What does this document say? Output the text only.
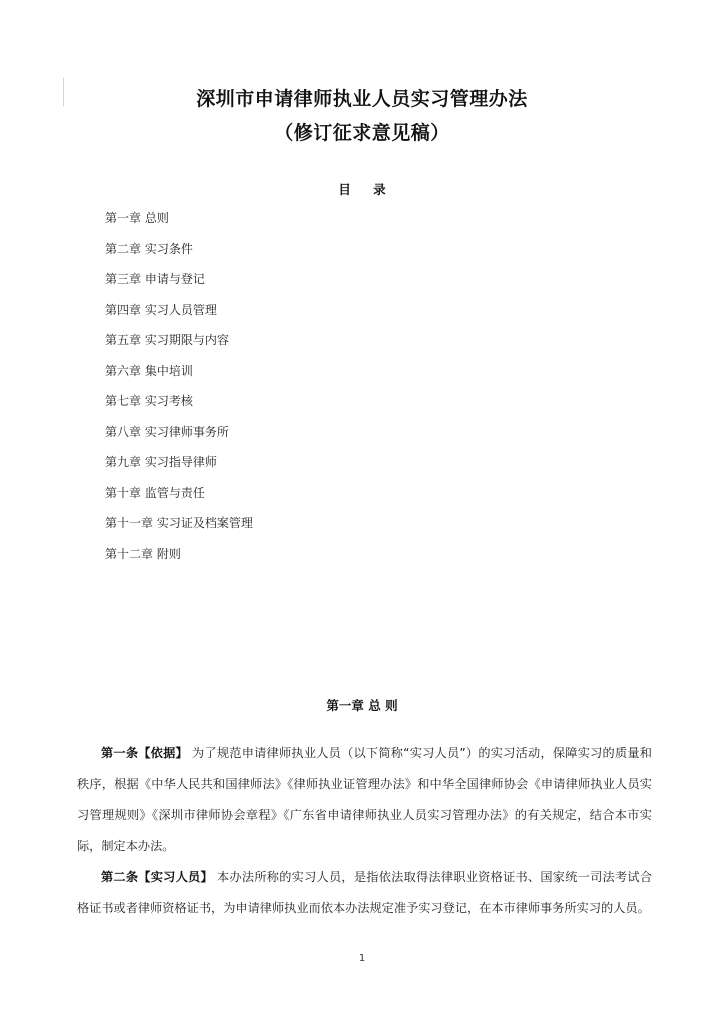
深圳市申请律师执业人员实习管理办法
（修订征求意见稿）
目 录
第一章 总则
第二章 实习条件
第三章 申请与登记
第四章 实习人员管理
第五章 实习期限与内容
第六章 集中培训
第七章 实习考核
第八章 实习律师事务所
第九章 实习指导律师
第十章 监管与责任
第十一章 实习证及档案管理
第十二章 附则
第一章 总 则

第一条【依据】 为了规范申请律师执业人员（以下简称“实习人员”）的实习活动，保障实习的质量和秩序，根据《中华人民共和国律师法》《律师执业证管理办法》和中华全国律师协会《申请律师执业人员实习管理规则》《深圳市律师协会章程》《广东省申请律师执业人员实习管理办法》的有关规定，结合本市实际，制定本办法。

第二条【实习人员】 本办法所称的实习人员，是指依法取得法律职业资格证书、国家统一司法考试合格证书或者律师资格证书，为申请律师执业而依本办法规定准予实习登记，在本市律师事务所实习的人员。

1
